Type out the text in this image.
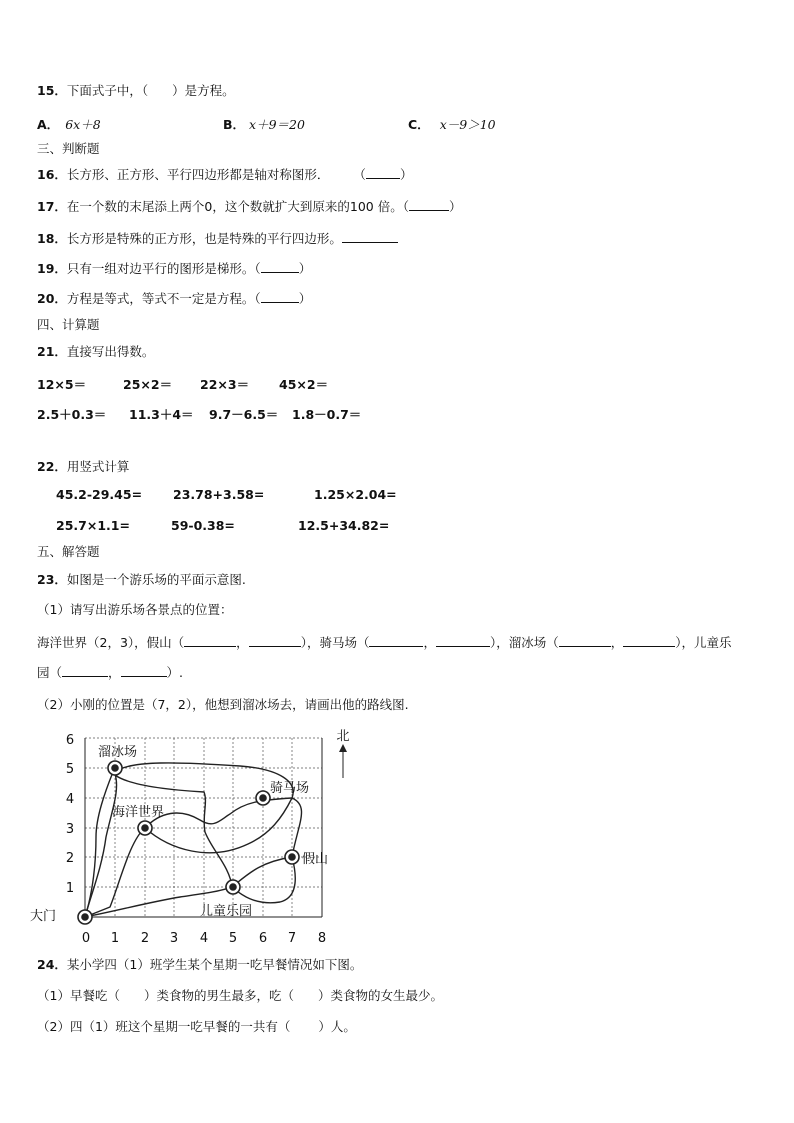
15．下面式子中，（ ）是方程。
A． 6x＋8	B． x＋9＝20	C． x－9＞10
三、判断题
16．长方形、正方形、平行四边形都是轴对称图形． （	）
17．在一个数的末尾添上两个0，这个数就扩大到原来的100 倍。（	）
18．长方形是特殊的正方形，也是特殊的平行四边形。
19．只有一组对边平行的图形是梯形。（	）
20．方程是等式，等式不一定是方程。（	）
四、计算题
21．直接写出得数。
12×5＝	25×2＝ 22×3＝ 45×2＝
2.5＋0.3＝ 11.3＋4＝ 9.7－6.5＝ 1.8－0.7＝
22．用竖式计算
45.2-29.45= 23.78+3.58=	1.25×2.04=
25.7×1.1=	59-0.38=	12.5+34.82=
五、解答题
23．如图是一个游乐场的平面示意图.
（1）请写出游乐场各景点的位置：
海洋世界（2，3），假山（	，	），骑马场（	，	），溜冰场（	，	），儿童乐
园（	，	）.
（2）小刚的位置是（7，2），他想到溜冰场去，请画出他的路线图.
溜冰场
骑马场
海洋世界
假山
儿童乐园
大门
1
2
3
4
5
6
0 1 2 3 4 5 6 7 8
北
24．某小学四（1）班学生某个星期一吃早餐情况如下图。
（1）早餐吃（ ）类食物的男生最多，吃（ ）类食物的女生最少。
（2）四（1）班这个星期一吃早餐的一共有（ ）人。
